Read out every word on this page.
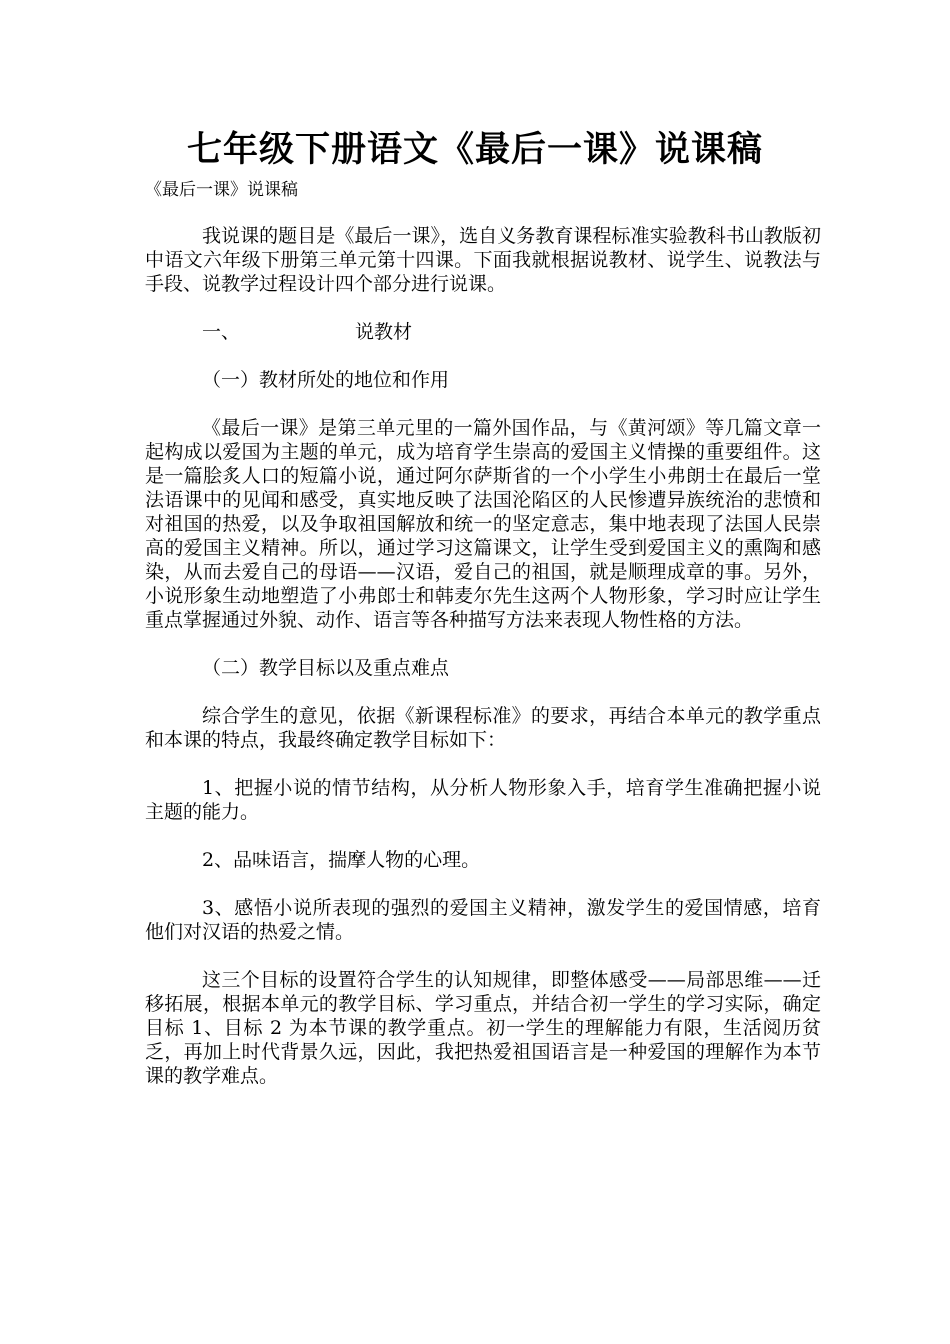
七年级下册语文《最后一课》说课稿

《最后一课》说课稿

我说课的题目是《最后一课》，选自义务教育课程标准实验教科书山教版初中语文六年级下册第三单元第十四课。下面我就根据说教材、说学生、说教法与手段、说教学过程设计四个部分进行说课。

一、	说教材

（一）教材所处的地位和作用

《最后一课》是第三单元里的一篇外国作品，与《黄河颂》等几篇文章一起构成以爱国为主题的单元，成为培育学生崇高的爱国主义情操的重要组件。这是一篇脍炙人口的短篇小说，通过阿尔萨斯省的一个小学生小弗朗士在最后一堂法语课中的见闻和感受，真实地反映了法国沦陷区的人民惨遭异族统治的悲愤和对祖国的热爱，以及争取祖国解放和统一的坚定意志，集中地表现了法国人民崇高的爱国主义精神。所以，通过学习这篇课文，让学生受到爱国主义的熏陶和感染，从而去爱自己的母语——汉语，爱自己的祖国，就是顺理成章的事。另外，小说形象生动地塑造了小弗郎士和韩麦尔先生这两个人物形象，学习时应让学生重点掌握通过外貌、动作、语言等各种描写方法来表现人物性格的方法。

（二）教学目标以及重点难点

综合学生的意见，依据《新课程标准》的要求，再结合本单元的教学重点和本课的特点，我最终确定教学目标如下：

1、把握小说的情节结构，从分析人物形象入手，培育学生准确把握小说主题的能力。

2、品味语言，揣摩人物的心理。

3、感悟小说所表现的强烈的爱国主义精神，激发学生的爱国情感，培育他们对汉语的热爱之情。

这三个目标的设置符合学生的认知规律，即整体感受——局部思维——迁移拓展，根据本单元的教学目标、学习重点，并结合初一学生的学习实际，确定目标 1、目标 2 为本节课的教学重点。初一学生的理解能力有限，生活阅历贫乏，再加上时代背景久远，因此，我把热爱祖国语言是一种爱国的理解作为本节课的教学难点。
